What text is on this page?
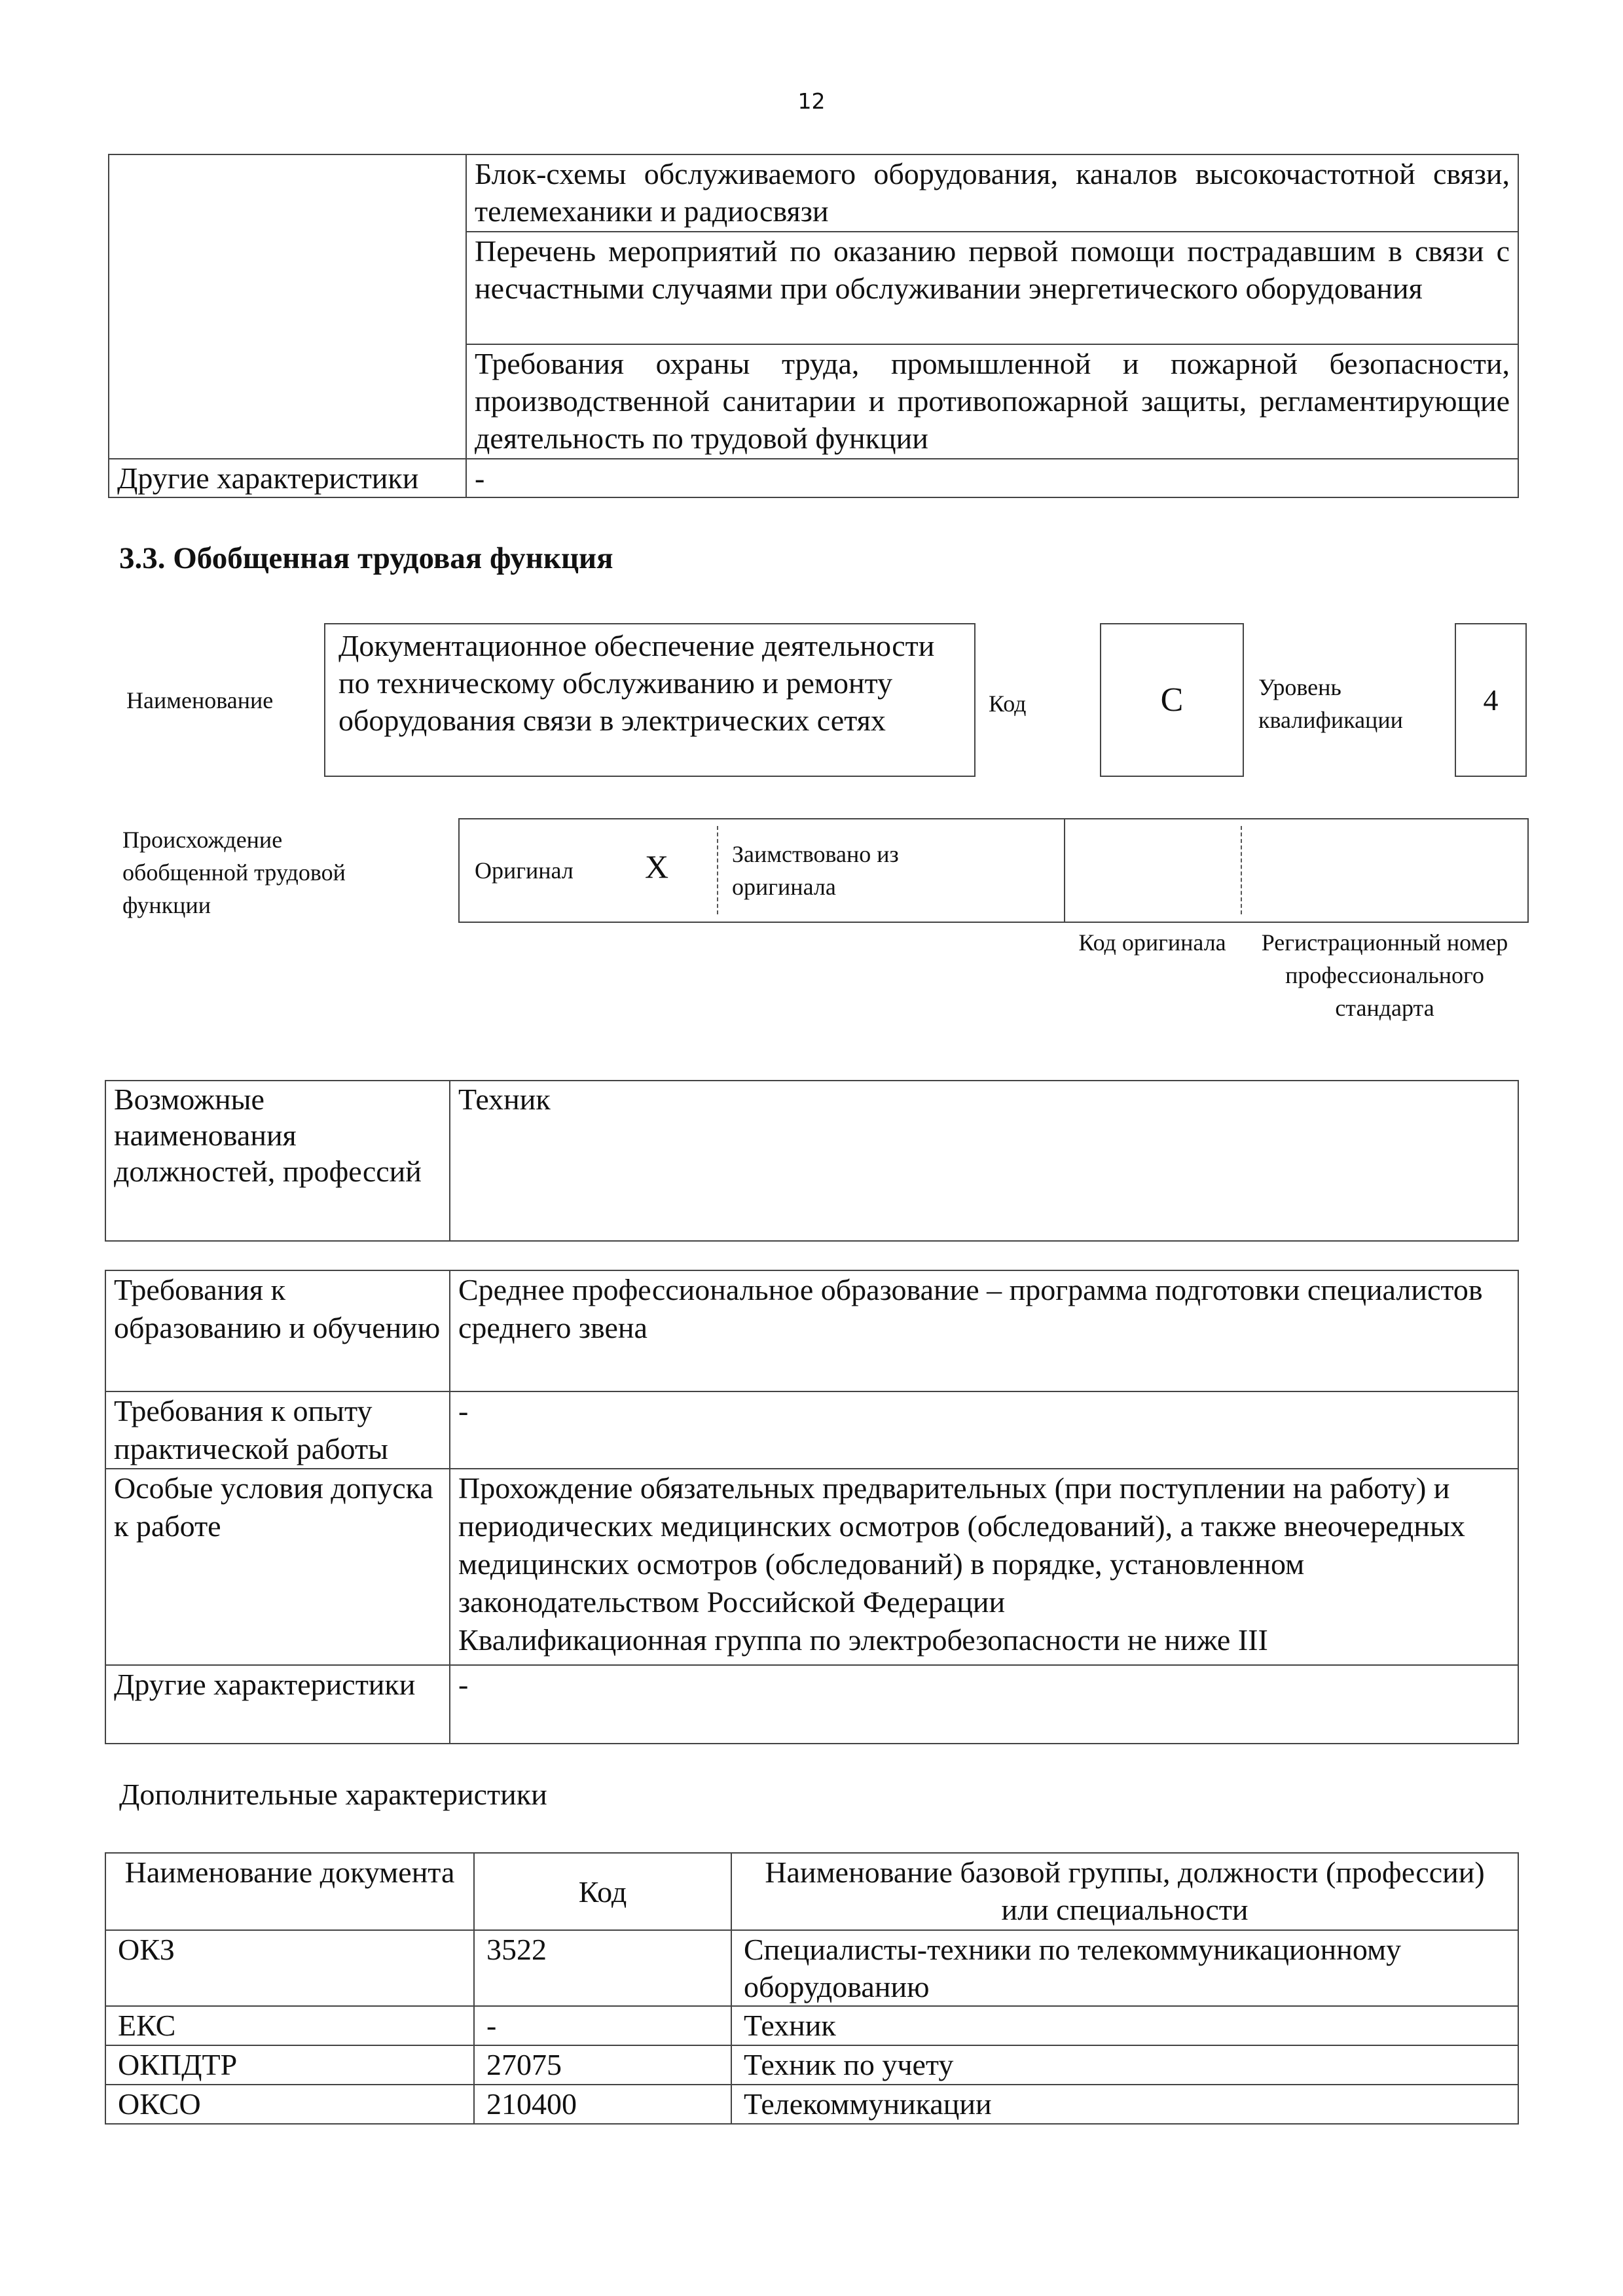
12
	Блок-схемы обслуживаемого оборудования, каналов высокочастотной связи, телемеханики и радиосвязи
	Перечень мероприятий по оказанию первой помощи пострадавшим в связи с несчастными случаями при обслуживании энергетического оборудования
	Требования охраны труда, промышленной и пожарной безопасности, производственной санитарии и противопожарной защиты, регламентирующие деятельность по трудовой функции
Другие характеристики	-
3.3. Обобщенная трудовая функция
Наименование
Документационное обеспечение деятельности по техническому обслуживанию и ремонту оборудования связи в электрических сетях	Код	C	Уровень квалификации
4
Происхождение обобщенной трудовой функции
Оригинал X	Заимствовано из оригинала
Код оригинала	Регистрационный номер профессионального стандарта
Возможные наименования должностей, профессий	Техник
Требования к образованию и обучению	Среднее профессиональное образование – программа подготовки специалистов среднего звена
Требования к опыту практической работы	-
Особые условия допуска к работе	Прохождение обязательных предварительных (при поступлении на работу) и периодических медицинских осмотров (обследований), а также внеочередных медицинских осмотров (обследований) в порядке, установленном законодательством Российской Федерации
Квалификационная группа по электробезопасности не ниже III

Другие характеристики	-
Дополнительные характеристики
Наименование документа	Код	Наименование базовой группы, должности (профессии) или специальности
ОКЗ	3522	Специалисты-техники по телекоммуникационному оборудованию
ЕКС	-	Техник
ОКПДТР	27075	Техник по учету
ОКСО	210400	Телекоммуникации
